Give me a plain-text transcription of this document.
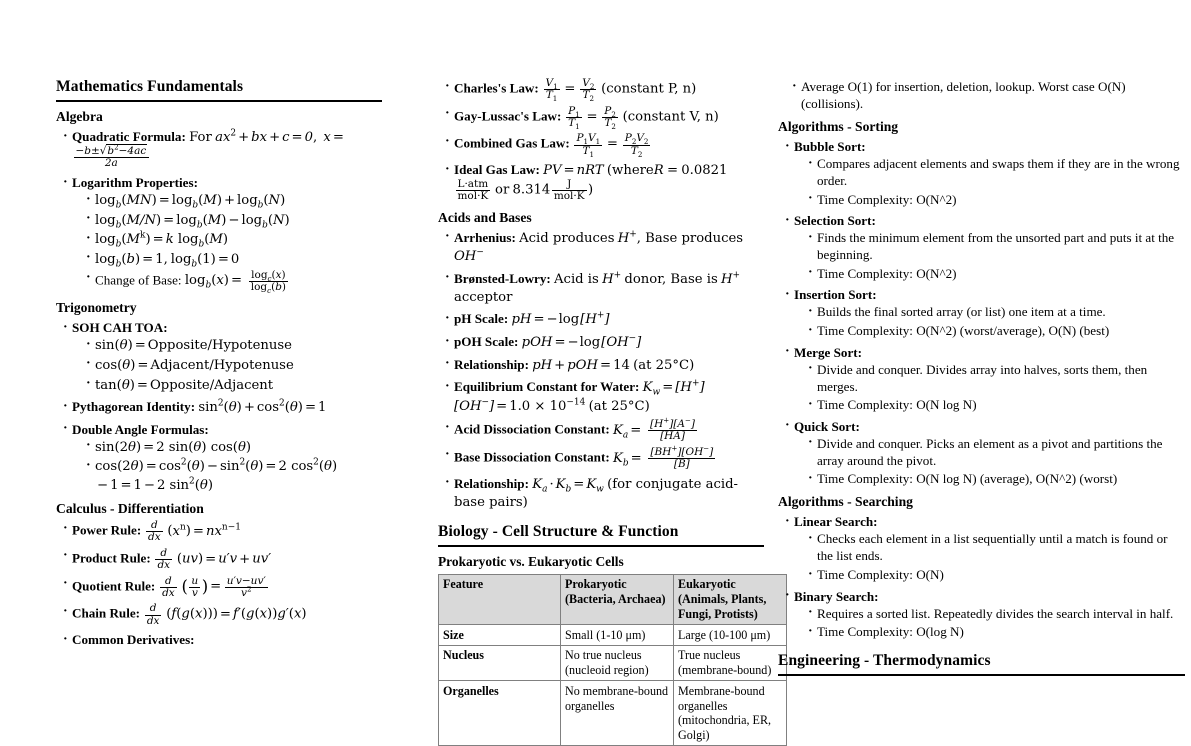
Mathematics Fundamentals
Algebra
· Quadratic Formula: For $ax^2$ + bx + c = 0, x =
$\frac{-b\pm√b^2-4ac}{2a}$
· Logarithm Properties:
· $\log_b(MN) = \log_b(M) + \log_b(N)$
· $\log_b(M/N) = \log_b(M) - \log_b(N)$
· $\log_b(M^k) = k$ $\log_b(M)$
· $\log_b(b) = 1$, $\log_b(1) = 0$
· Change of Base: $\log_b(x) = \frac{\log_c(x)}{\log_c(b)}$
Trigonometry
· SOH CAH TOA:
· sin(θ) = Opposite/Hypotenuse
· cos(θ) = Adjacent/Hypotenuse
· tan(θ) = Opposite/Adjacent
· Pythagorean Identity: $\sin^2(\theta) + \cos^2(\theta) = 1$
· Double Angle Formulas:
· sin(2θ) = 2 sin(θ) cos(θ)
· $\cos(2\theta) = \cos^2(\theta) - \sin^2(\theta) = 2$ $\cos^2(\theta)- 1 = 1 - 2$ $\sin^2(\theta)$
Calculus - Differentiation
· Power Rule: $\frac{d}{dx} (x^n) = nx^{n-1}$
· Product Rule: $\frac{d}{dx} (uv) = u'v + uv'$
· Quotient Rule: $\frac{d}{dx}$ ( $\frac{u}{v}$ ) = $\frac{u'v-uv'}{v^2}$
· Chain Rule: $\frac{d}{dx} (f(g(x))) = f'(g(x))g'(x)$
· Common Derivatives:
· Charles's Law: $\frac{V_1}{T_1} = \frac{V_2}{T_2}$ (constant P, n)
· Gay-Lussac's Law: $\frac{P_1}{T_1} = \frac{P_2}{T_2}$ (constant V, n)
· Combined Gas Law: $\frac{P_1V_1}{T_1} = \frac{P_2V_2}{T_2}$
· Ideal Gas Law: PV = nRT (whereR = 0.0821
$\frac{\text{L·atm}}{\text{mol·K}}$ or $8.314 \frac{J}{\text{mol·K}}$ )
Acids and Bases
· Arrhenius: Acid produces H+, Base produces OH−
· Brønsted-Lowry: Acid is H+ donor, Base is H+ acceptor
· pH Scale: pH = −log[H+]
· pOH Scale: pOH = −log[OH−]
· Relationship: pH + pOH = 14 (at 25°C)
· Equilibrium Constant for Water: $K_w = [H^+][OH^-] = 1.0 \times 10^{-14}$ (at 25°C)
· Acid Dissociation Constant: $K_a = \frac{[H^+][A^-]}{[HA]}$
· Base Dissociation Constant: $K_b = \frac{[BH^+][OH^-]}{[B]}$
· Relationship: $K_a \cdot K_b = K_w$ (for conjugate acid-base pairs)
Biology - Cell Structure & Function
Prokaryotic vs. Eukaryotic Cells
Feature	Prokaryotic (Bacteria, Archaea)	Eukaryotic (Animals, Plants, Fungi, Protists)
Size	Small (1-10 μm)	Large (10-100 μm)
Nucleus	No true nucleus (nucleoid region)	True nucleus (membrane-bound)
Organelles	No membrane-bound organelles	Membrane-bound organelles (mitochondria, ER, Golgi)
· Average O(1) for insertion, deletion, lookup. Worst case O(N) (collisions).
Algorithms - Sorting
· Bubble Sort:
· Compares adjacent elements and swaps them if they are in the wrong order.
· Time Complexity: O(N^2)
· Selection Sort:
· Finds the minimum element from the unsorted part and puts it at the beginning.
· Time Complexity: O(N^2)
· Insertion Sort:
· Builds the final sorted array (or list) one item at a time.
· Time Complexity: O(N^2) (worst/average), O(N) (best)
· Merge Sort:
· Divide and conquer. Divides array into halves, sorts them, then merges.
· Time Complexity: O(N log N)
· Quick Sort:
· Divide and conquer. Picks an element as a pivot and partitions the array around the pivot.
· Time Complexity: O(N log N) (average), O(N^2) (worst)
Algorithms - Searching
· Linear Search:
· Checks each element in a list sequentially until a match is found or the list ends.
· Time Complexity: O(N)
· Binary Search:
· Requires a sorted list. Repeatedly divides the search interval in half.
· Time Complexity: O(log N)
Engineering - Thermodynamics
